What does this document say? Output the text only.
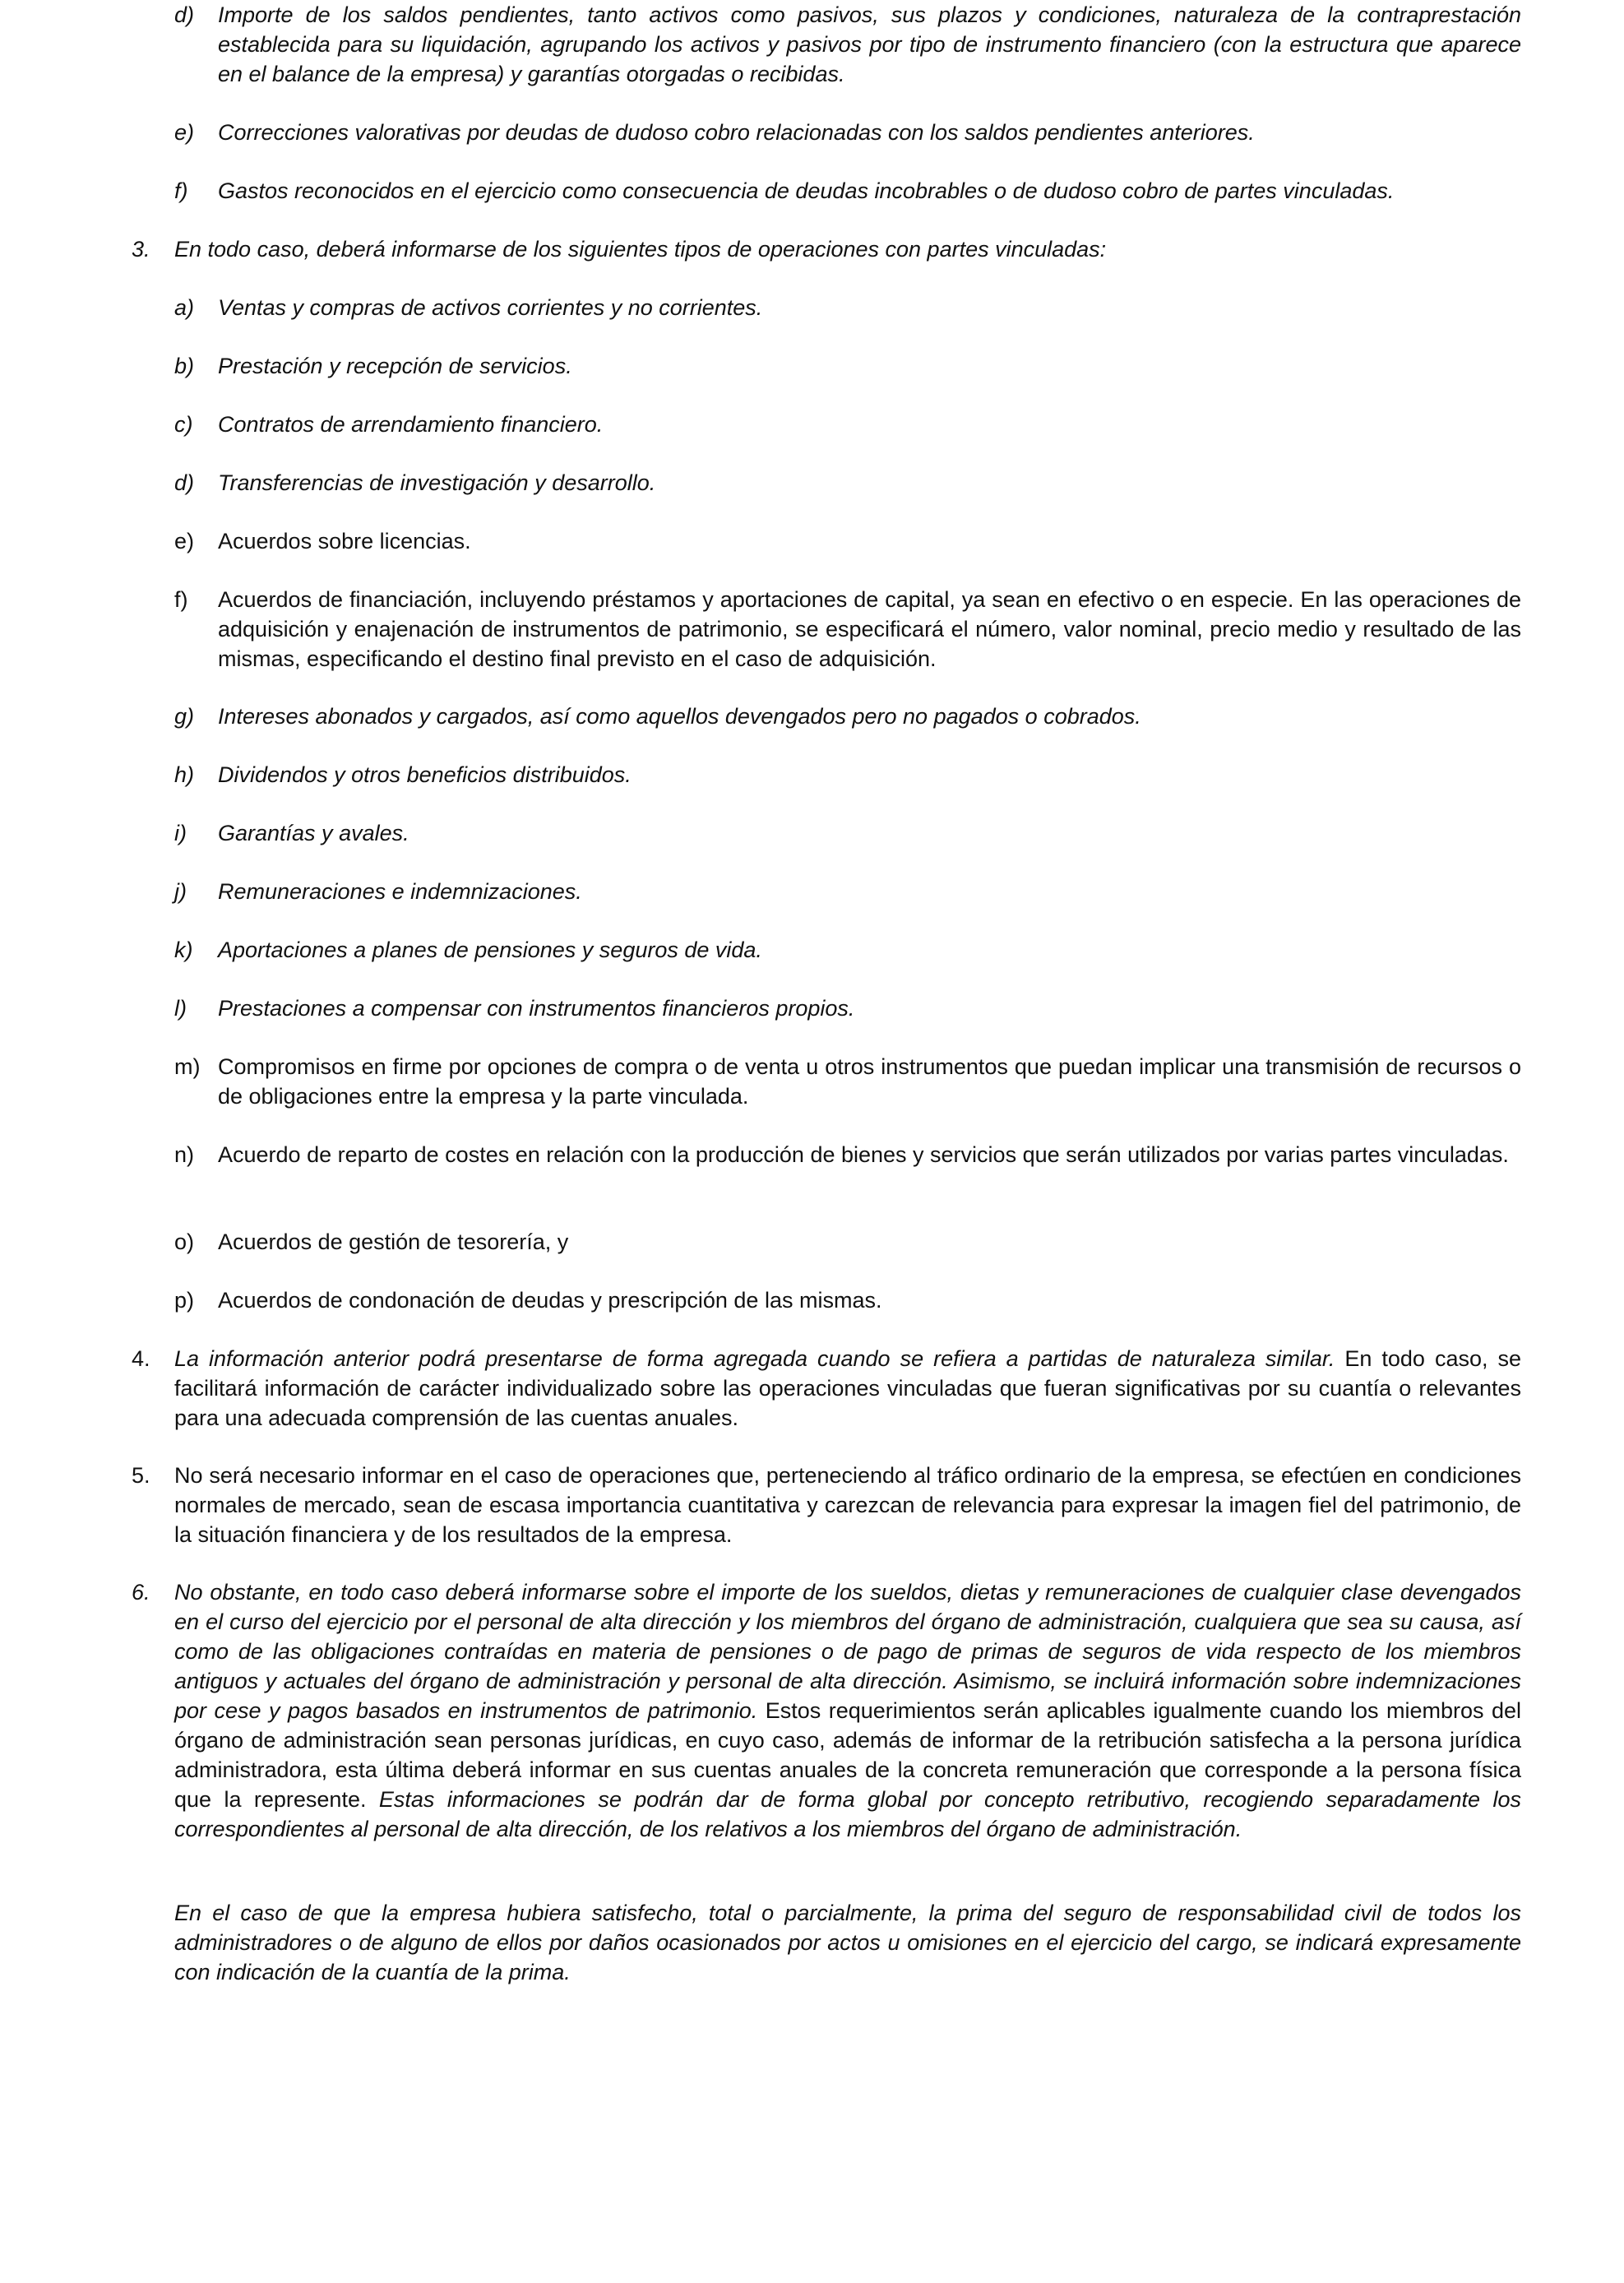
d) Importe de los saldos pendientes, tanto activos como pasivos, sus plazos y condiciones, naturaleza de la contraprestación establecida para su liquidación, agrupando los activos y pasivos por tipo de instrumento financiero (con la estructura que aparece en el balance de la empresa) y garantías otorgadas o recibidas.
e) Correcciones valorativas por deudas de dudoso cobro relacionadas con los saldos pendientes anteriores.
f) Gastos reconocidos en el ejercicio como consecuencia de deudas incobrables o de dudoso cobro de partes vinculadas.
3. En todo caso, deberá informarse de los siguientes tipos de operaciones con partes vinculadas:
a) Ventas y compras de activos corrientes y no corrientes.
b) Prestación y recepción de servicios.
c) Contratos de arrendamiento financiero.
d) Transferencias de investigación y desarrollo.
e) Acuerdos sobre licencias.
f) Acuerdos de financiación, incluyendo préstamos y aportaciones de capital, ya sean en efectivo o en especie. En las operaciones de adquisición y enajenación de instrumentos de patrimonio, se especificará el número, valor nominal, precio medio y resultado de las mismas, especificando el destino final previsto en el caso de adquisición.
g) Intereses abonados y cargados, así como aquellos devengados pero no pagados o cobrados.
h) Dividendos y otros beneficios distribuidos.
i) Garantías y avales.
j) Remuneraciones e indemnizaciones.
k) Aportaciones a planes de pensiones y seguros de vida.
l) Prestaciones a compensar con instrumentos financieros propios.
m) Compromisos en firme por opciones de compra o de venta u otros instrumentos que puedan implicar una transmisión de recursos o de obligaciones entre la empresa y la parte vinculada.
n) Acuerdo de reparto de costes en relación con la producción de bienes y servicios que serán utilizados por varias partes vinculadas.
o) Acuerdos de gestión de tesorería, y
p) Acuerdos de condonación de deudas y prescripción de las mismas.
4. La información anterior podrá presentarse de forma agregada cuando se refiera a partidas de naturaleza similar. En todo caso, se facilitará información de carácter individualizado sobre las operaciones vinculadas que fueran significativas por su cuantía o relevantes para una adecuada comprensión de las cuentas anuales.
5. No será necesario informar en el caso de operaciones que, perteneciendo al tráfico ordinario de la empresa, se efectúen en condiciones normales de mercado, sean de escasa importancia cuantitativa y carezcan de relevancia para expresar la imagen fiel del patrimonio, de la situación financiera y de los resultados de la empresa.
6. No obstante, en todo caso deberá informarse sobre el importe de los sueldos, dietas y remuneraciones de cualquier clase devengados en el curso del ejercicio por el personal de alta dirección y los miembros del órgano de administración, cualquiera que sea su causa, así como de las obligaciones contraídas en materia de pensiones o de pago de primas de seguros de vida respecto de los miembros antiguos y actuales del órgano de administración y personal de alta dirección. Asimismo, se incluirá información sobre indemnizaciones por cese y pagos basados en instrumentos de patrimonio. Estos requerimientos serán aplicables igualmente cuando los miembros del órgano de administración sean personas jurídicas, en cuyo caso, además de informar de la retribución satisfecha a la persona jurídica administradora, esta última deberá informar en sus cuentas anuales de la concreta remuneración que corresponde a la persona física que la represente. Estas informaciones se podrán dar de forma global por concepto retributivo, recogiendo separadamente los correspondientes al personal de alta dirección, de los relativos a los miembros del órgano de administración.
En el caso de que la empresa hubiera satisfecho, total o parcialmente, la prima del seguro de responsabilidad civil de todos los administradores o de alguno de ellos por daños ocasionados por actos u omisiones en el ejercicio del cargo, se indicará expresamente con indicación de la cuantía de la prima.
